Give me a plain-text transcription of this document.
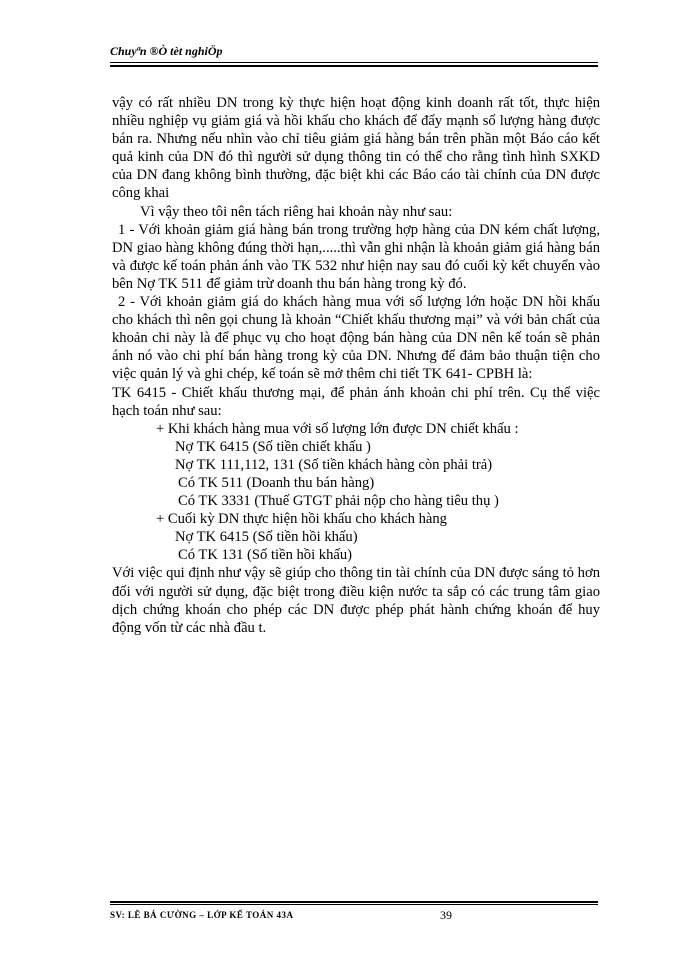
Chuyªn ®Ò tèt nghiÖp

vậy có rất nhiều DN trong kỳ thực hiện hoạt động kinh doanh rất tốt, thực hiện nhiều nghiệp vụ giảm giá và hồi khấu cho khách để đẩy mạnh số lượng hàng được bán ra. Nhưng nếu nhìn vào chỉ tiêu giảm giá hàng bán trên phần một Báo cáo kết quả kinh của DN đó thì người sử dụng thông tin có thể cho rằng tình hình SXKD của DN đang không bình thường, đặc biệt khi các Báo cáo tài chính của DN được công khai

Vì vậy theo tôi nên tách riêng hai khoản này như sau:

1 - Với khoản giảm giá hàng bán trong trường hợp hàng của DN kém chất lượng, DN giao hàng không đúng thời hạn,.....thì vẫn ghi nhận là khoản giảm giá hàng bán và được kế toán phản ánh vào TK 532 như hiện nay sau đó cuối kỳ kết chuyển vào bên Nợ TK 511 để giảm trừ doanh thu bán hàng trong kỳ đó.

2 - Với khoản giảm giá do khách hàng mua với số lượng lớn hoặc DN hồi khấu cho khách thì nên gọi chung là khoản “Chiết khấu thương mại” và với bản chất của khoản chi này là để phục vụ cho hoạt động bán hàng của DN nên kế toán sẽ phản ánh nó vào chi phí bán hàng trong kỳ của DN. Nhưng để đảm bảo thuận tiện cho việc quản lý và ghi chép, kế toán sẽ mở thêm chi tiết TK 641- CPBH là:

TK 6415 - Chiết khấu thương mại, để phản ánh khoản chi phí trên. Cụ thể việc hạch toán như sau:

+ Khi khách hàng mua với số lượng lớn được DN chiết khấu :
Nợ TK 6415 (Số tiền chiết khấu )
Nợ TK 111,112, 131 (Số tiền khách hàng còn phải trả)
Có TK 511 (Doanh thu bán hàng)
Có TK 3331 (Thuế GTGT phải nộp cho hàng tiêu thụ )
+ Cuối kỳ DN thực hiện hồi khấu cho khách hàng
Nợ TK 6415 (Số tiền hồi khấu)
Có TK 131 (Số tiền hồi khấu)

Với việc qui định như vậy sẽ giúp cho thông tin tài chính của DN được sáng tỏ hơn đối với người sử dụng, đặc biệt trong điều kiện nước ta sắp có các trung tâm giao dịch chứng khoán cho phép các DN được phép phát hành chứng khoán để huy động vốn từ các nhà đầu t.

SV: LÊ BÁ CƯỜNG – LỚP KẾ TOÁN 43A	39
